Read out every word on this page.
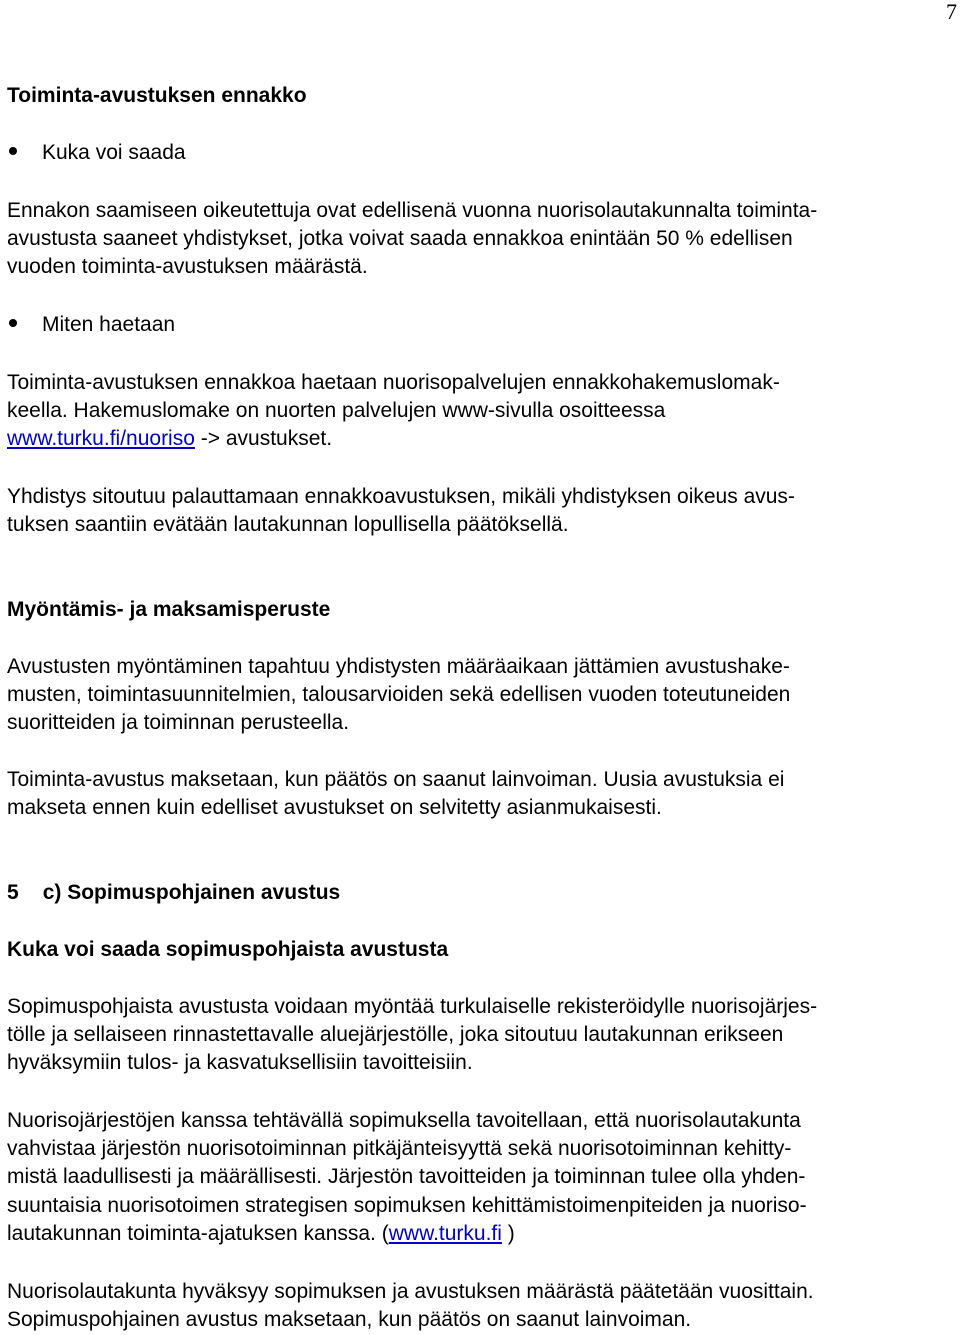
7
Toiminta-avustuksen ennakko
Kuka voi saada
Ennakon saamiseen oikeutettuja ovat edellisenä vuonna nuorisolautakunnalta toiminta-
avustusta saaneet yhdistykset, jotka voivat saada ennakkoa enintään 50 % edellisen
vuoden toiminta-avustuksen määrästä.
Miten haetaan
Toiminta-avustuksen ennakkoa haetaan nuorisopalvelujen ennakkohakemuslomak-
keella. Hakemuslomake on nuorten palvelujen www-sivulla osoitteessa
www.turku.fi/nuoriso -> avustukset.
Yhdistys sitoutuu palauttamaan ennakkoavustuksen, mikäli yhdistyksen oikeus avus-
tuksen saantiin evätään lautakunnan lopullisella päätöksellä.
Myöntämis- ja maksamisperuste
Avustusten myöntäminen tapahtuu yhdistysten määräaikaan jättämien avustushake-
musten, toimintasuunnitelmien, talousarvioiden sekä edellisen vuoden toteutuneiden
suoritteiden ja toiminnan perusteella.
Toiminta-avustus maksetaan, kun päätös on saanut lainvoiman. Uusia avustuksia ei
makseta ennen kuin edelliset avustukset on selvitetty asianmukaisesti.
5 c) Sopimuspohjainen avustus
Kuka voi saada sopimuspohjaista avustusta
Sopimuspohjaista avustusta voidaan myöntää turkulaiselle rekisteröidylle nuorisojärjes-
tölle ja sellaiseen rinnastettavalle aluejärjestölle, joka sitoutuu lautakunnan erikseen
hyväksymiin tulos- ja kasvatuksellisiin tavoitteisiin.
Nuorisojärjestöjen kanssa tehtävällä sopimuksella tavoitellaan, että nuorisolautakunta
vahvistaa järjestön nuorisotoiminnan pitkäjänteisyyttä sekä nuorisotoiminnan kehitty-
mistä laadullisesti ja määrällisesti. Järjestön tavoitteiden ja toiminnan tulee olla yhden-
suuntaisia nuorisotoimen strategisen sopimuksen kehittämistoimenpiteiden ja nuoriso-
lautakunnan toiminta-ajatuksen kanssa. (www.turku.fi )
Nuorisolautakunta hyväksyy sopimuksen ja avustuksen määrästä päätetään vuosittain.
Sopimuspohjainen avustus maksetaan, kun päätös on saanut lainvoiman.
